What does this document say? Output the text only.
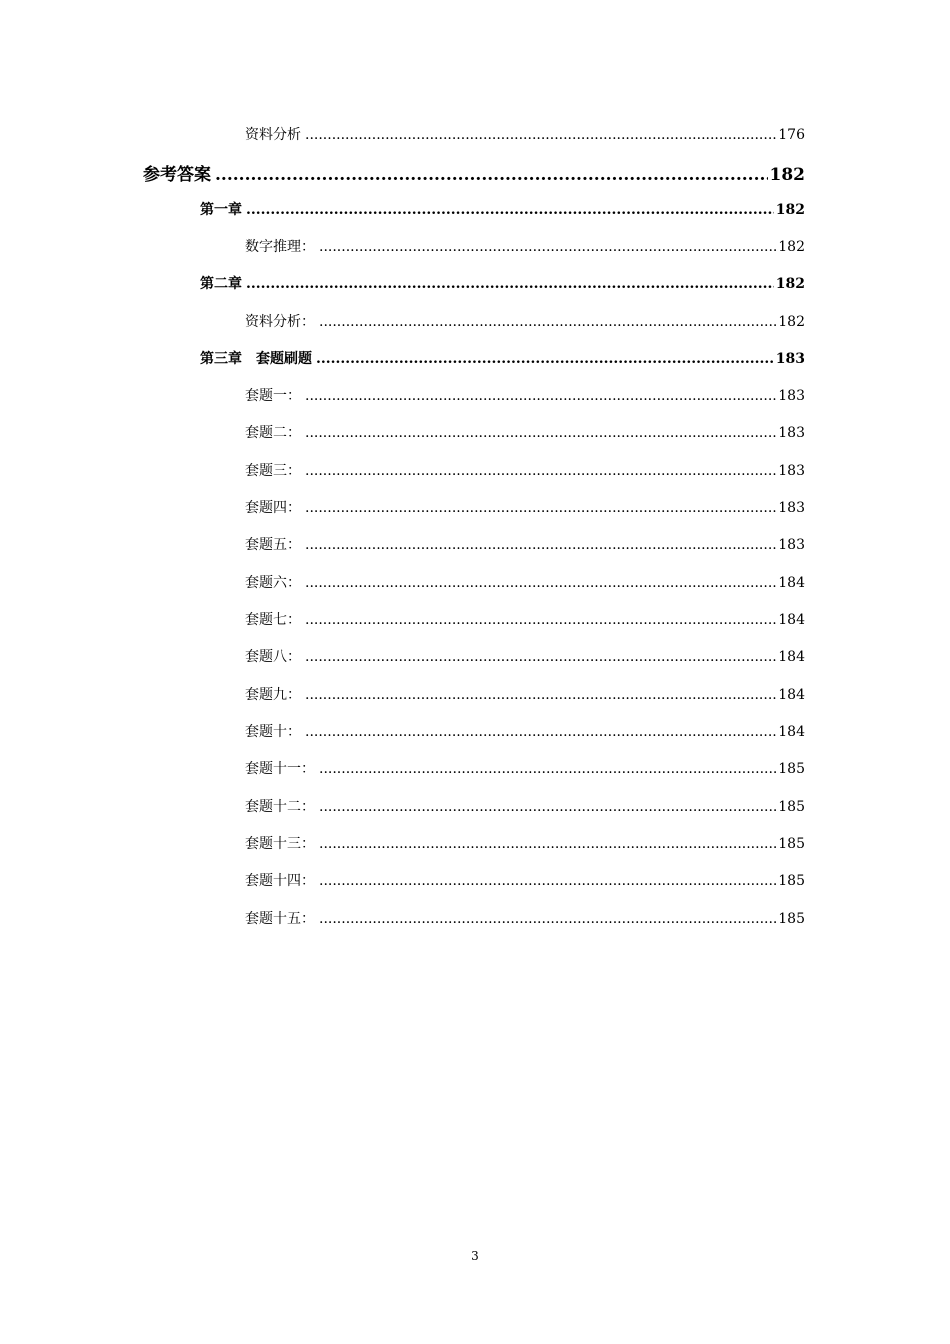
资料分析 .....	176
参考答案 .....	182
第一章 .....	182
数字推理： .....	182
第二章 .....	182
资料分析： .....	182
第三章　套题刷题 .....	183
套题一： .....	183
套题二： .....	183
套题三： .....	183
套题四： .....	183
套题五： .....	183
套题六： .....	184
套题七： .....	184
套题八： .....	184
套题九： .....	184
套题十： .....	184
套题十一： .....	185
套题十二： .....	185
套题十三： .....	185
套题十四： .....	185
套题十五： .....	185
3
